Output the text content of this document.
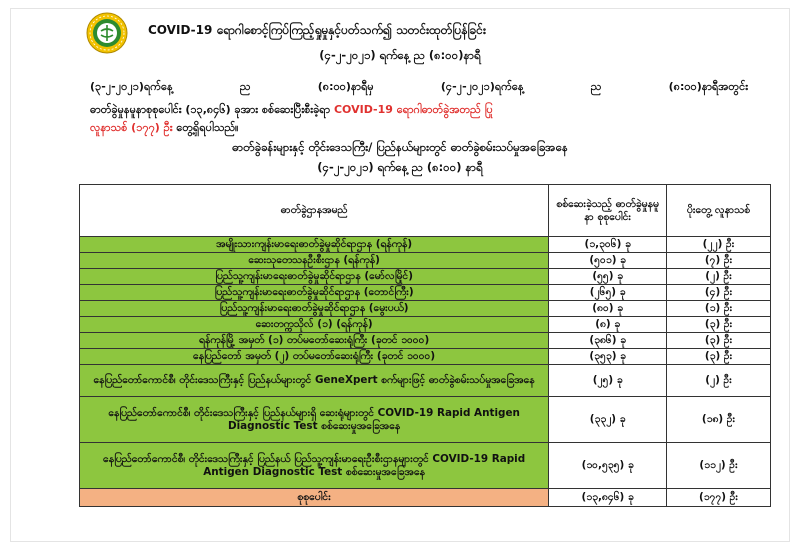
COVID-19 ရောဂါစောင့်ကြပ်ကြည့်ရှုမှုနှင့်ပတ်သက်၍ သတင်းထုတ်ပြန်ခြင်း
(၄-၂-၂၀၂၁) ရက်နေ့ ည (၈:၀၀)နာရီ
(၃-၂-၂၀၂၁)ရက်နေ့ ည (၈:၀၀)နာရီမှ (၄-၂-၂၀၂၁)ရက်နေ့ ည (၈:၀၀)နာရီအတွင်း
ဓာတ်ခွဲမှုနမူနာစုစုပေါင်း (၁၃,၈၄၆) ခုအား စစ်ဆေးပြီးစီးခဲ့ရာ COVID-19 ရောဂါဓာတ်ခွဲအတည် ပြု
လူနာသစ် (၁၇၇) ဦး တွေ့ရှိရပါသည်။
ဓာတ်ခွဲခန်းများနှင့် တိုင်းဒေသကြီး/ ပြည်နယ်များတွင် ဓာတ်ခွဲစမ်းသပ်မှုအခြေအနေ
(၄-၂-၂၀၂၁) ရက်နေ့ ည (၈:၀၀) နာရီ
ဓာတ်ခွဲဌာနအမည်	စစ်ဆေးခဲ့သည့် ဓာတ်ခွဲမှုနမူနာ စုစုပေါင်း	ပိုးတွေ့ လူနာသစ်
အမျိုးသားကျန်းမာရေးဓာတ်ခွဲမှုဆိုင်ရာဌာန (ရန်ကုန်)	(၁,၃၀၆) ခု	(၂၂) ဦး
ဆေးသုတေသနဦးစီးဌာန (ရန်ကုန်)	(၅၀၁) ခု	(၇) ဦး
ပြည်သူ့ကျန်းမာရေးဓာတ်ခွဲမှုဆိုင်ရာဌာန (မော်လမြိုင်)	(၅၅) ခု	(၂) ဦး
ပြည်သူ့ကျန်းမာရေးဓာတ်ခွဲမှုဆိုင်ရာဌာန (တောင်ကြီး)	(၂၆၅) ခု	(၄) ဦး
ပြည်သူ့ကျန်းမာရေးဓာတ်ခွဲမှုဆိုင်ရာဌာန (မွေးပယ်)	(၈၀) ခု	(၁) ဦး
ဆေးတက္ကသိုလ် (၁) (ရန်ကုန်)	(၈) ခု	(၃) ဦး
ရန်ကုန်မြို့ အမှတ် (၁) တပ်မတော်ဆေးရုံကြီး (ခုတင် ၁၀၀၀)	(၃၈၆) ခု	(၃) ဦး
နေပြည်တော် အမှတ် (၂) တပ်မတော်ဆေးရုံကြီး (ခုတင် ၁၀၀၀)	(၃၅၃) ခု	(၃) ဦး
နေပြည်တော်ကောင်စီ၊ တိုင်းဒေသကြီးနှင့် ပြည်နယ်များတွင် GeneXpert စက်များဖြင့် ဓာတ်ခွဲစမ်းသပ်မှုအခြေအနေ	(၂၅) ခု	(၂) ဦး
နေပြည်တော်ကောင်စီ၊ တိုင်းဒေသကြီးနှင့် ပြည်နယ်များရှိ ဆေးရုံများတွင် COVID-19 Rapid Antigen Diagnostic Test စစ်ဆေးမှုအခြေအနေ	(၃၃၂) ခု	(၁၈) ဦး
နေပြည်တော်ကောင်စီ၊ တိုင်းဒေသကြီးနှင့် ပြည်နယ် ပြည်သူ့ကျန်းမာရေးဦးစီးဌာနများတွင် COVID-19 Rapid Antigen Diagnostic Test စစ်ဆေးမှုအခြေအနေ	(၁၀,၅၃၅) ခု	(၁၁၂) ဦး
စုစုပေါင်း	(၁၃,၈၄၆) ခု	(၁၇၇) ဦး
